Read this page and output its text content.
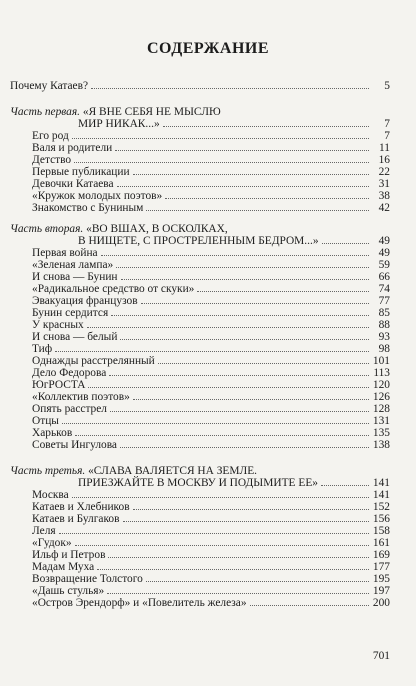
СОДЕРЖАНИЕ
Почему Катаев?	5
Часть первая. «Я ВНЕ СЕБЯ НЕ МЫСЛЮ
МИР НИКАК...»	7
Его род	7
Валя и родители	11
Детство	16
Первые публикации	22
Девочки Катаева	31
«Кружок молодых поэтов»	38
Знакомство с Буниным	42
Часть вторая. «ВО ВШАХ, В ОСКОЛКАХ,
В НИЩЕТЕ, С ПРОСТРЕЛЕННЫМ БЕДРОМ...»	49
Первая война	49
«Зеленая лампа»	59
И снова — Бунин	66
«Радикальное средство от скуки»	74
Эвакуация французов	77
Бунин сердится	85
У красных	88
И снова — белый	93
Тиф	98
Однажды расстрелянный	101
Дело Федорова	113
ЮгРОСТА	120
«Коллектив поэтов»	126
Опять расстрел	128
Отцы	131
Харьков	135
Советы Ингулова	138
Часть третья. «СЛАВА ВАЛЯЕТСЯ НА ЗЕМЛЕ.
ПРИЕЗЖАЙТЕ В МОСКВУ И ПОДЫМИТЕ ЕЕ»	141
Москва	141
Катаев и Хлебников	152
Катаев и Булгаков	156
Леля	158
«Гудок»	161
Ильф и Петров	169
Мадам Муха	177
Возвращение Толстого	195
«Дашь стулья»	197
«Остров Эрендорф» и «Повелитель железа»	200
701
